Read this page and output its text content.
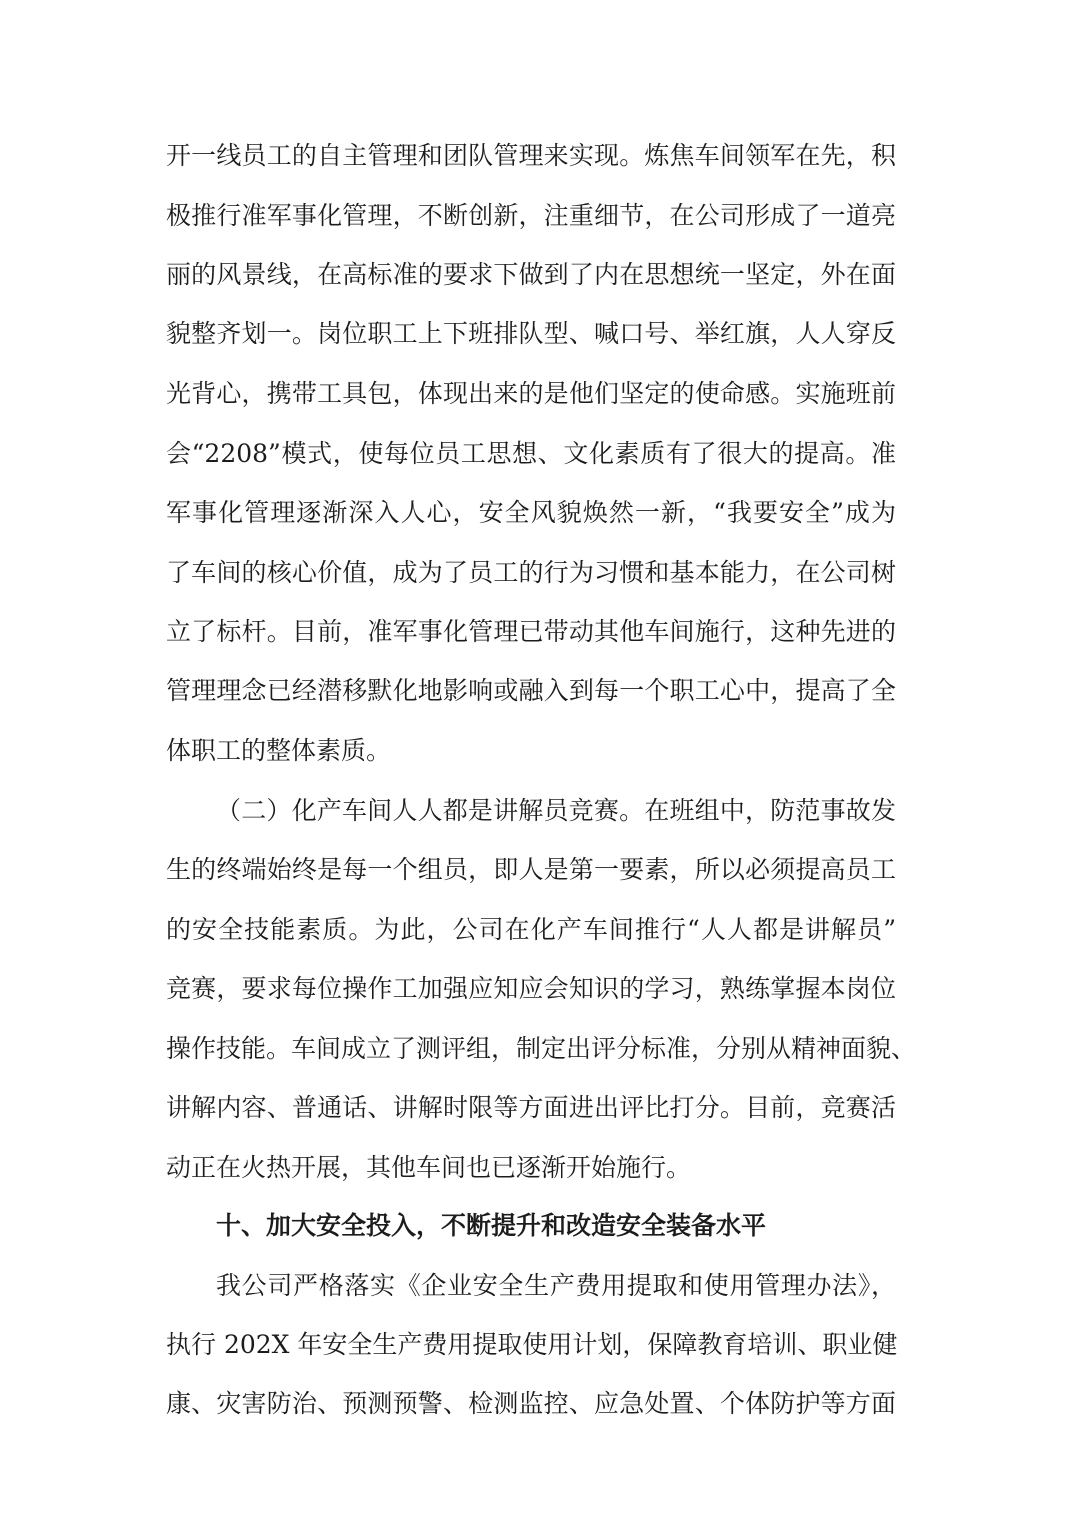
开一线员工的自主管理和团队管理来实现。炼焦车间领军在先，积
极推行准军事化管理，不断创新，注重细节，在公司形成了一道亮
丽的风景线，在高标准的要求下做到了内在思想统一坚定，外在面
貌整齐划一。岗位职工上下班排队型、喊口号、举红旗，人人穿反
光背心，携带工具包，体现出来的是他们坚定的使命感。实施班前
会“2208”模式，使每位员工思想、文化素质有了很大的提高。准
军事化管理逐渐深入人心，安全风貌焕然一新，“我要安全”成为
了车间的核心价值，成为了员工的行为习惯和基本能力，在公司树
立了标杆。目前，准军事化管理已带动其他车间施行，这种先进的
管理理念已经潜移默化地影响或融入到每一个职工心中，提高了全
体职工的整体素质。
（二）化产车间人人都是讲解员竞赛。在班组中，防范事故发
生的终端始终是每一个组员，即人是第一要素，所以必须提高员工
的安全技能素质。为此，公司在化产车间推行“人人都是讲解员”
竞赛，要求每位操作工加强应知应会知识的学习，熟练掌握本岗位
操作技能。车间成立了测评组，制定出评分标准，分别从精神面貌、
讲解内容、普通话、讲解时限等方面进出评比打分。目前，竞赛活
动正在火热开展，其他车间也已逐渐开始施行。
十、加大安全投入，不断提升和改造安全装备水平
我公司严格落实《企业安全生产费用提取和使用管理办法》，
执行 202X 年安全生产费用提取使用计划，保障教育培训、职业健
康、灾害防治、预测预警、检测监控、应急处置、个体防护等方面
